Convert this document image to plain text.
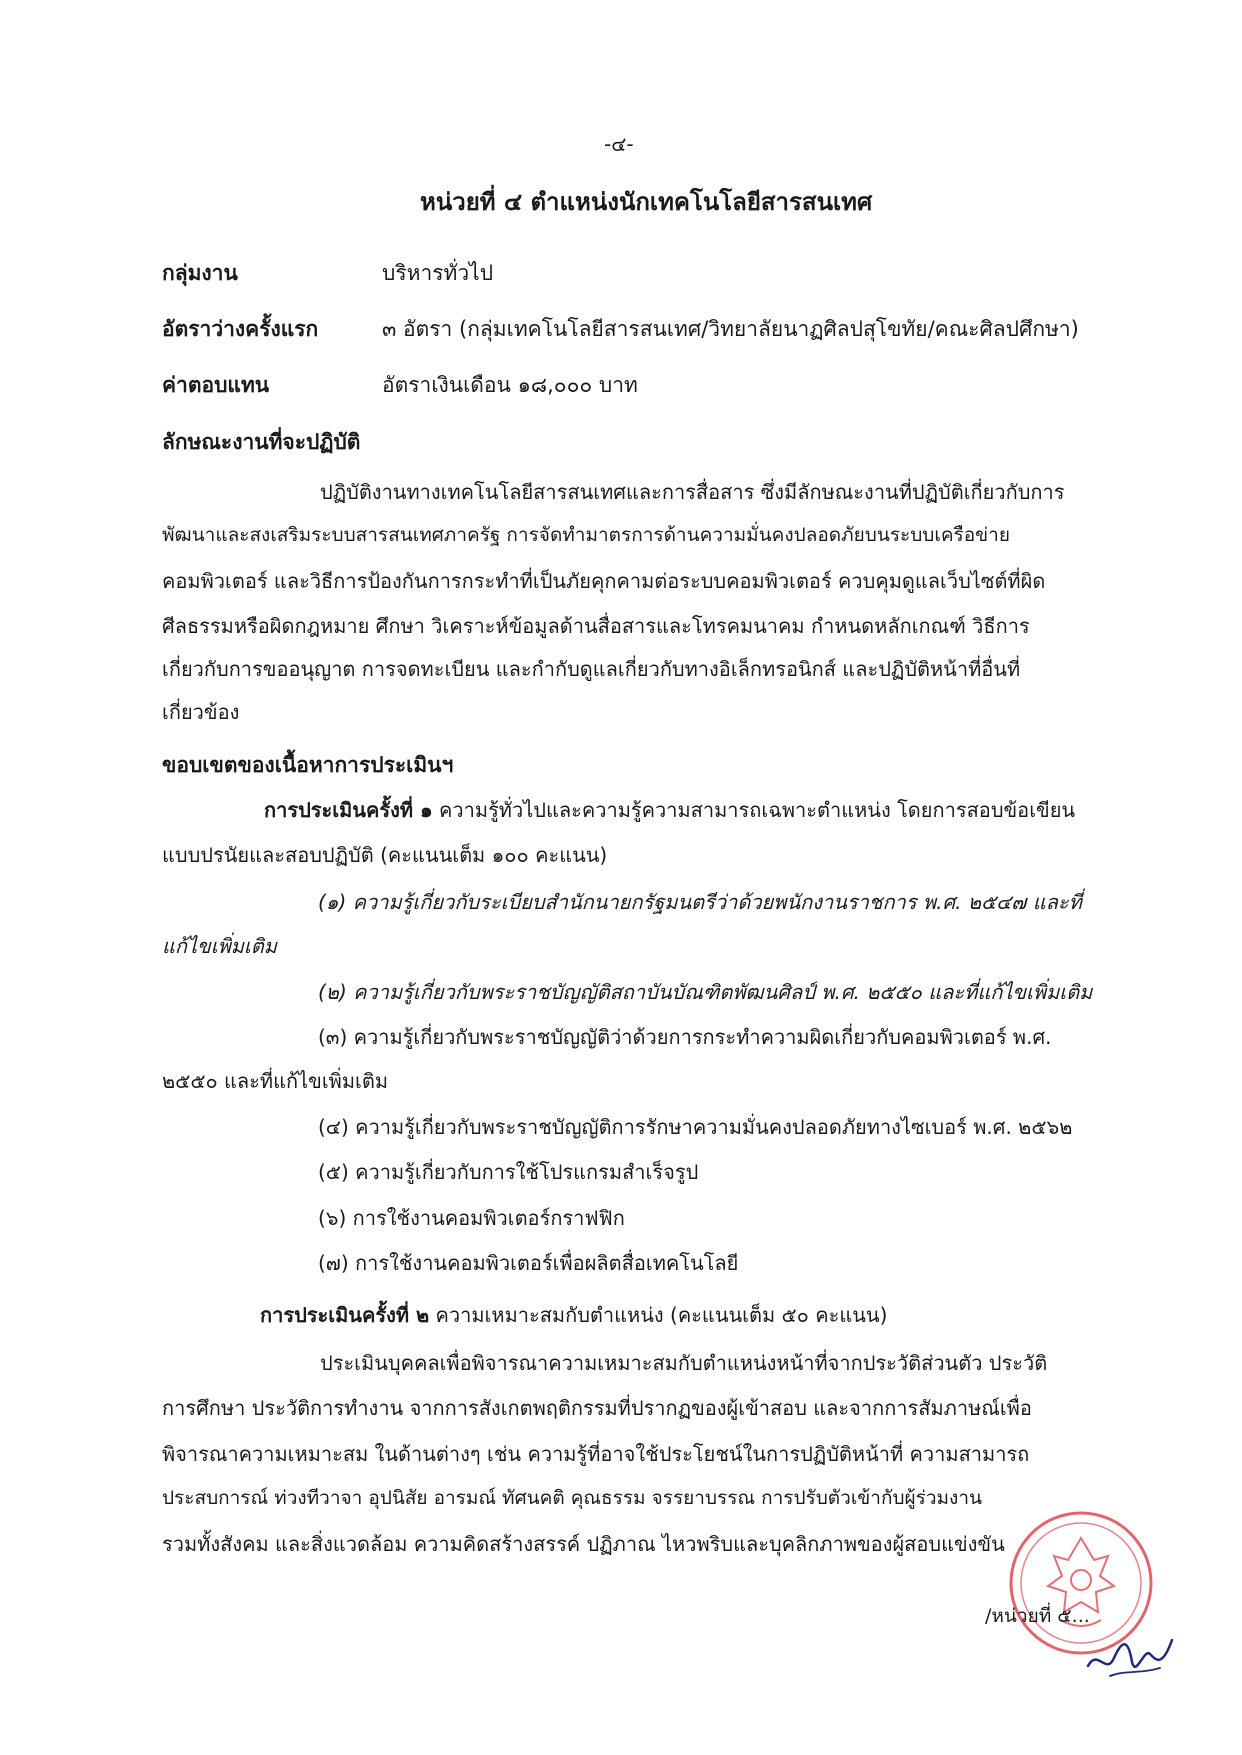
-๔-
หน่วยที่ ๔ ตำแหน่งนักเทคโนโลยีสารสนเทศ
กลุ่มงาน	บริหารทั่วไป
อัตราว่างครั้งแรก	๓ อัตรา (กลุ่มเทคโนโลยีสารสนเทศ/วิทยาลัยนาฏศิลปสุโขทัย/คณะศิลปศึกษา)
ค่าตอบแทน	อัตราเงินเดือน ๑๘,๐๐๐ บาท
ลักษณะงานที่จะปฏิบัติ
ปฏิบัติงานทางเทคโนโลยีสารสนเทศและการสื่อสาร ซึ่งมีลักษณะงานที่ปฏิบัติเกี่ยวกับการ
พัฒนาและสงเสริมระบบสารสนเทศภาครัฐ การจัดทำมาตรการด้านความมั่นคงปลอดภัยบนระบบเครือข่าย
คอมพิวเตอร์ และวิธีการป้องกันการกระทำที่เป็นภัยคุกคามต่อระบบคอมพิวเตอร์ ควบคุมดูแลเว็บไซต์ที่ผิด
ศีลธรรมหรือผิดกฎหมาย ศึกษา วิเคราะห์ข้อมูลด้านสื่อสารและโทรคมนาคม กำหนดหลักเกณฑ์ วิธีการ
เกี่ยวกับการขออนุญาต การจดทะเบียน และกำกับดูแลเกี่ยวกับทางอิเล็กทรอนิกส์ และปฏิบัติหน้าที่อื่นที่
เกี่ยวข้อง
ขอบเขตของเนื้อหาการประเมินฯ
การประเมินครั้งที่ ๑ ความรู้ทั่วไปและความรู้ความสามารถเฉพาะตำแหน่ง โดยการสอบข้อเขียน
แบบปรนัยและสอบปฏิบัติ (คะแนนเต็ม ๑๐๐ คะแนน)
(๑) ความรู้เกี่ยวกับระเบียบสำนักนายกรัฐมนตรีว่าด้วยพนักงานราชการ พ.ศ. ๒๕๔๗ และที่
แก้ไขเพิ่มเติม
(๒) ความรู้เกี่ยวกับพระราชบัญญัติสถาบันบัณฑิตพัฒนศิลป์ พ.ศ. ๒๕๕๐ และที่แก้ไขเพิ่มเติม
(๓) ความรู้เกี่ยวกับพระราชบัญญัติว่าด้วยการกระทำความผิดเกี่ยวกับคอมพิวเตอร์ พ.ศ.
๒๕๕๐ และที่แก้ไขเพิ่มเติม
(๔) ความรู้เกี่ยวกับพระราชบัญญัติการรักษาความมั่นคงปลอดภัยทางไซเบอร์ พ.ศ. ๒๕๖๒
(๕) ความรู้เกี่ยวกับการใช้โปรแกรมสำเร็จรูป
(๖) การใช้งานคอมพิวเตอร์กราฟฟิก
(๗) การใช้งานคอมพิวเตอร์เพื่อผลิตสื่อเทคโนโลยี
การประเมินครั้งที่ ๒ ความเหมาะสมกับตำแหน่ง (คะแนนเต็ม ๕๐ คะแนน)
ประเมินบุคคลเพื่อพิจารณาความเหมาะสมกับตำแหน่งหน้าที่จากประวัติส่วนตัว ประวัติ
การศึกษา ประวัติการทำงาน จากการสังเกตพฤติกรรมที่ปรากฏของผู้เข้าสอบ และจากการสัมภาษณ์เพื่อ
พิจารณาความเหมาะสม ในด้านต่างๆ เช่น ความรู้ที่อาจใช้ประโยชน์ในการปฏิบัติหน้าที่ ความสามารถ
ประสบการณ์ ท่วงทีวาจา อุปนิสัย อารมณ์ ทัศนคติ คุณธรรม จรรยาบรรณ การปรับตัวเข้ากับผู้ร่วมงาน
รวมทั้งสังคม และสิ่งแวดล้อม ความคิดสร้างสรรค์ ปฏิภาณ ไหวพริบและบุคลิกภาพของผู้สอบแข่งขัน
/หน่วยที่ ๕...
